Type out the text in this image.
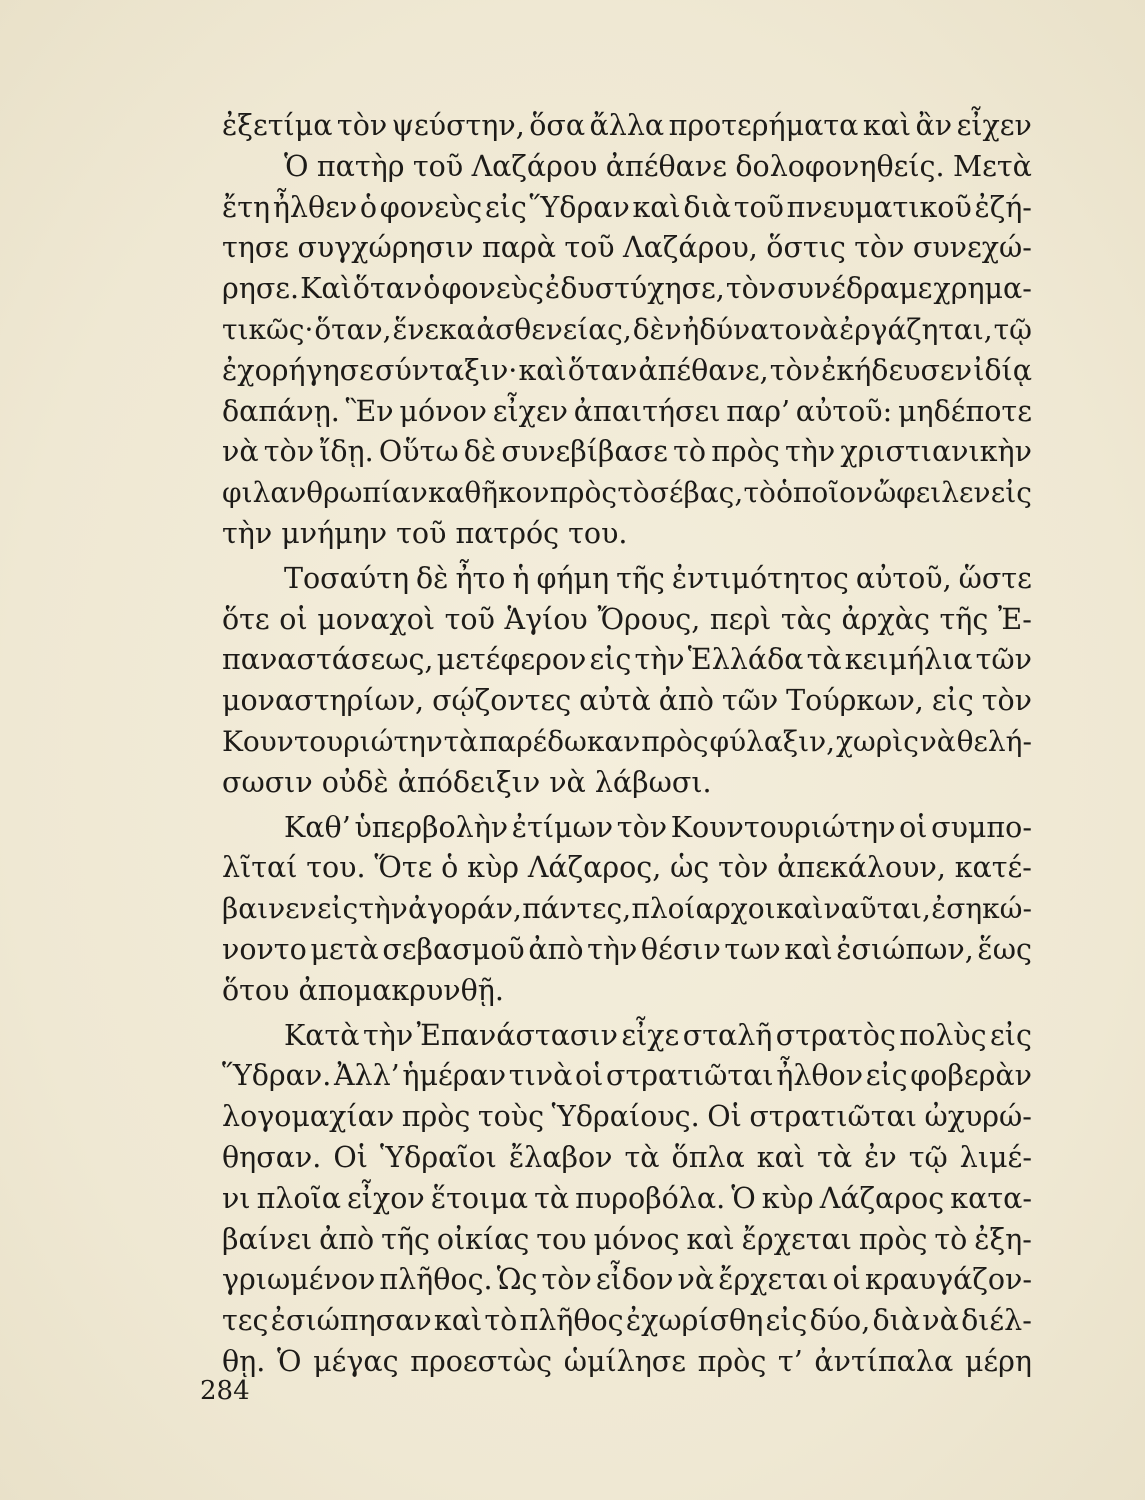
ἐξετίμα τὸν ψεύστην, ὅσα ἄλλα προτερήματα καὶ ἂν εἶχεν
Ὁ πατὴρ τοῦ Λαζάρου ἀπέθανε δολοφονηθείς. Μετὰ
ἔτη ἦλθεν ὁ φονεὺς εἰς Ὕδραν καὶ διὰ τοῦ πνευματικοῦ ἐζή-
τησε συγχώρησιν παρὰ τοῦ Λαζάρου, ὅστις τὸν συνεχώ-
ρησε. Καὶ ὅταν ὁ φονεὺς ἐδυστύχησε, τὸν συνέδραμε χρημα-
τικῶς· ὅταν, ἕνεκα ἀσθενείας, δὲν ἠδύνατο νὰ ἐργάζηται, τῷ
ἐχορήγησε σύνταξιν· καὶ ὅταν ἀπέθανε, τὸν ἐκήδευσεν ἰδίᾳ
δαπάνῃ. Ἓν μόνον εἶχεν ἀπαιτήσει παρ’ αὐτοῦ: μηδέποτε
νὰ τὸν ἴδῃ. Οὕτω δὲ συνεβίβασε τὸ πρὸς τὴν χριστιανικὴν
φιλανθρωπίαν καθῆκον πρὸς τὸ σέβας, τὸ ὁποῖον ὤφειλεν εἰς
τὴν μνήμην τοῦ πατρός του.
Τοσαύτη δὲ ἦτο ἡ φήμη τῆς ἐντιμότητος αὐτοῦ, ὥστε
ὅτε οἱ μοναχοὶ τοῦ Ἁγίου Ὄρους, περὶ τὰς ἀρχὰς τῆς Ἐ-
παναστάσεως, μετέφερον εἰς τὴν Ἑλλάδα τὰ κειμήλια τῶν
μοναστηρίων, σῴζοντες αὐτὰ ἀπὸ τῶν Τούρκων, εἰς τὸν
Κουντουριώτην τὰ παρέδωκαν πρὸς φύλαξιν, χωρὶς νὰ θελή-
σωσιν οὐδὲ ἀπόδειξιν νὰ λάβωσι.
Καθ’ ὑπερβολὴν ἐτίμων τὸν Κουντουριώτην οἱ συμπο-
λῖταί του. Ὅτε ὁ κὺρ Λάζαρος, ὡς τὸν ἀπεκάλουν, κατέ-
βαινεν εἰς τὴν ἀγοράν, πάντες, πλοίαρχοι καὶ ναῦται, ἐσηκώ-
νοντο μετὰ σεβασμοῦ ἀπὸ τὴν θέσιν των καὶ ἐσιώπων, ἕως
ὅτου ἀπομακρυνθῇ.
Κατὰ τὴν Ἐπανάστασιν εἶχε σταλῆ στρατὸς πολὺς εἰς
Ὕδραν. Ἀλλ’ ἡμέραν τινὰ οἱ στρατιῶται ἦλθον εἰς φοβερὰν
λογομαχίαν πρὸς τοὺς Ὑδραίους. Οἱ στρατιῶται ὠχυρώ-
θησαν. Οἱ Ὑδραῖοι ἔλαβον τὰ ὅπλα καὶ τὰ ἐν τῷ λιμέ-
νι πλοῖα εἶχον ἕτοιμα τὰ πυροβόλα. Ὁ κὺρ Λάζαρος κατα-
βαίνει ἀπὸ τῆς οἰκίας του μόνος καὶ ἔρχεται πρὸς τὸ ἐξη-
γριωμένον πλῆθος. Ὡς τὸν εἶδον νὰ ἔρχεται οἱ κραυγάζον-
τες ἐσιώπησαν καὶ τὸ πλῆθος ἐχωρίσθη εἰς δύο, διὰ νὰ διέλ-
θῃ. Ὁ μέγας προεστὼς ὡμίλησε πρὸς τ’ ἀντίπαλα μέρη
284
